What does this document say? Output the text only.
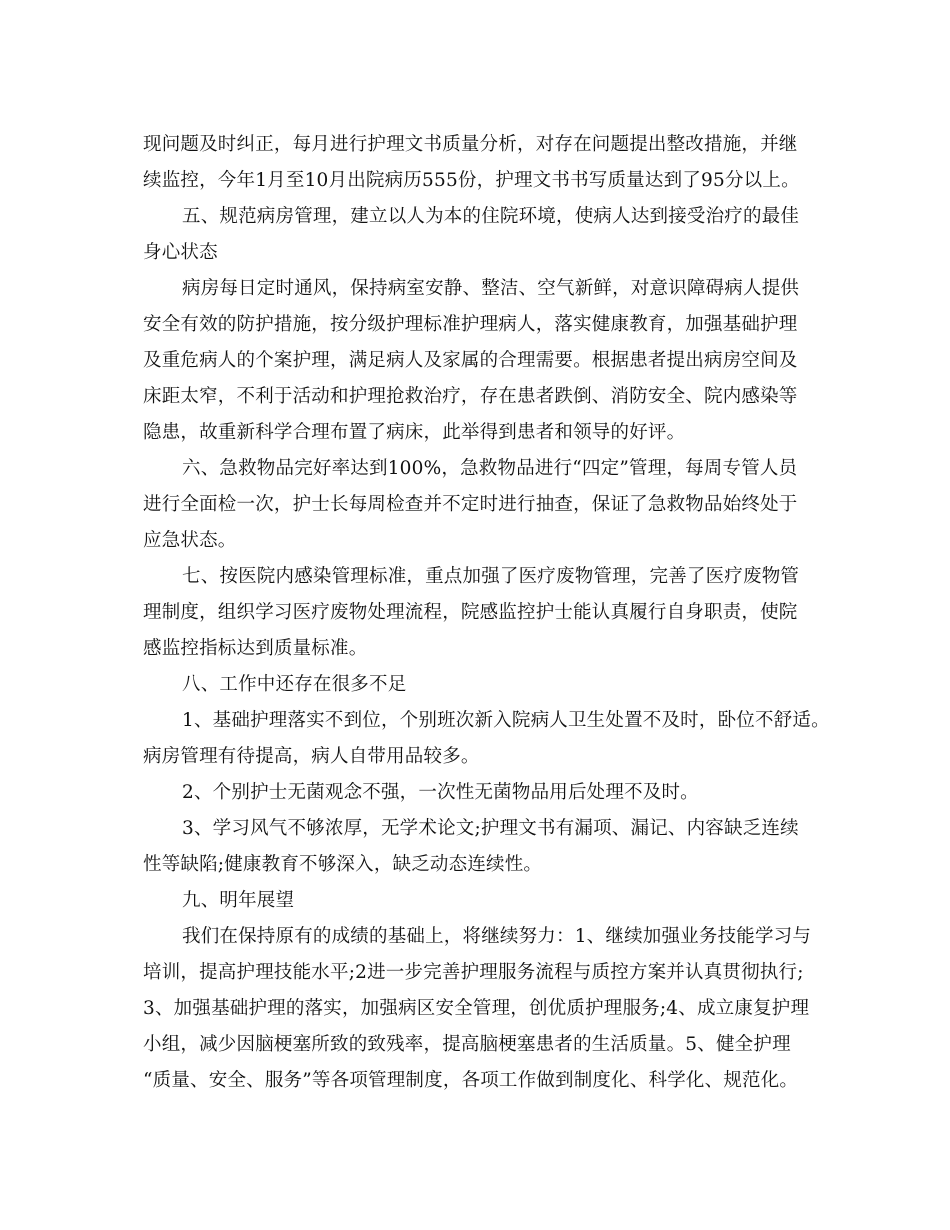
现问题及时纠正，每月进行护理文书质量分析，对存在问题提出整改措施，并继
续监控，今年1月至10月出院病历555份，护理文书书写质量达到了95分以上。
五、规范病房管理，建立以人为本的住院环境，使病人达到接受治疗的最佳
身心状态
病房每日定时通风，保持病室安静、整洁、空气新鲜，对意识障碍病人提供
安全有效的防护措施，按分级护理标准护理病人，落实健康教育，加强基础护理
及重危病人的个案护理，满足病人及家属的合理需要。根据患者提出病房空间及
床距太窄，不利于活动和护理抢救治疗，存在患者跌倒、消防安全、院内感染等
隐患，故重新科学合理布置了病床，此举得到患者和领导的好评。
六、急救物品完好率达到100%，急救物品进行“四定”管理，每周专管人员
进行全面检一次，护士长每周检查并不定时进行抽查，保证了急救物品始终处于
应急状态。
七、按医院内感染管理标准，重点加强了医疗废物管理，完善了医疗废物管
理制度，组织学习医疗废物处理流程，院感监控护士能认真履行自身职责，使院
感监控指标达到质量标准。
八、工作中还存在很多不足
1、基础护理落实不到位，个别班次新入院病人卫生处置不及时，卧位不舒适。
病房管理有待提高，病人自带用品较多。
2、个别护士无菌观念不强，一次性无菌物品用后处理不及时。
3、学习风气不够浓厚，无学术论文;护理文书有漏项、漏记、内容缺乏连续
性等缺陷;健康教育不够深入，缺乏动态连续性。
九、明年展望
我们在保持原有的成绩的基础上，将继续努力：1、继续加强业务技能学习与
培训，提高护理技能水平;2进一步完善护理服务流程与质控方案并认真贯彻执行;
3、加强基础护理的落实，加强病区安全管理，创优质护理服务;4、成立康复护理
小组，减少因脑梗塞所致的致残率，提高脑梗塞患者的生活质量。5、健全护理
“质量、安全、服务”等各项管理制度，各项工作做到制度化、科学化、规范化。
